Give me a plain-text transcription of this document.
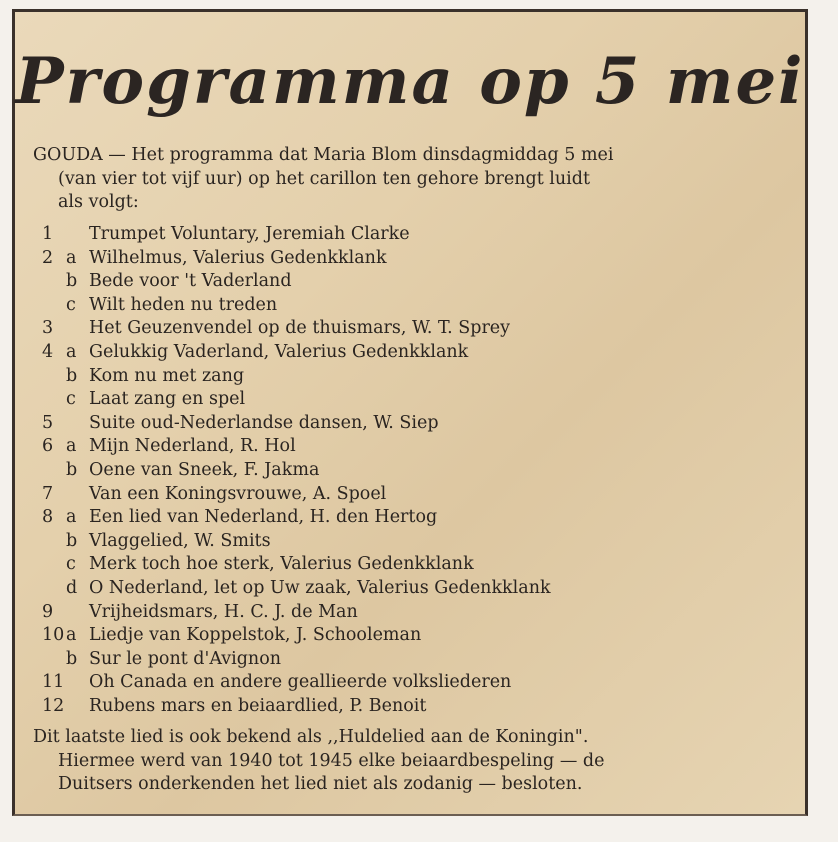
Programma op 5 mei
GOUDA — Het programma dat Maria Blom dinsdagmiddag 5 mei
(van vier tot vijf uur) op het carillon ten gehore brengt luidt
als volgt:
1	Trumpet Voluntary, Jeremiah Clarke
2 a Wilhelmus, Valerius Gedenkklank
b Bede voor 't Vaderland
c Wilt heden nu treden
3	Het Geuzenvendel op de thuismars, W. T. Sprey
4 a Gelukkig Vaderland, Valerius Gedenkklank
b Kom nu met zang
c Laat zang en spel
5	Suite oud-Nederlandse dansen, W. Siep
6 a Mijn Nederland, R. Hol
b Oene van Sneek, F. Jakma
7	Van een Koningsvrouwe, A. Spoel
8 a Een lied van Nederland, H. den Hertog
b Vlaggelied, W. Smits
c Merk toch hoe sterk, Valerius Gedenkklank
d O Nederland, let op Uw zaak, Valerius Gedenkklank
9	Vrijheidsmars, H. C. J. de Man
10 a Liedje van Koppelstok, J. Schooleman
b Sur le pont d'Avignon
11	Oh Canada en andere geallieerde volksliederen
12	Rubens mars en beiaardlied, P. Benoit
Dit laatste lied is ook bekend als ,,Huldelied aan de Koningin".
Hiermee werd van 1940 tot 1945 elke beiaardbespeling — de
Duitsers onderkenden het lied niet als zodanig — besloten.
